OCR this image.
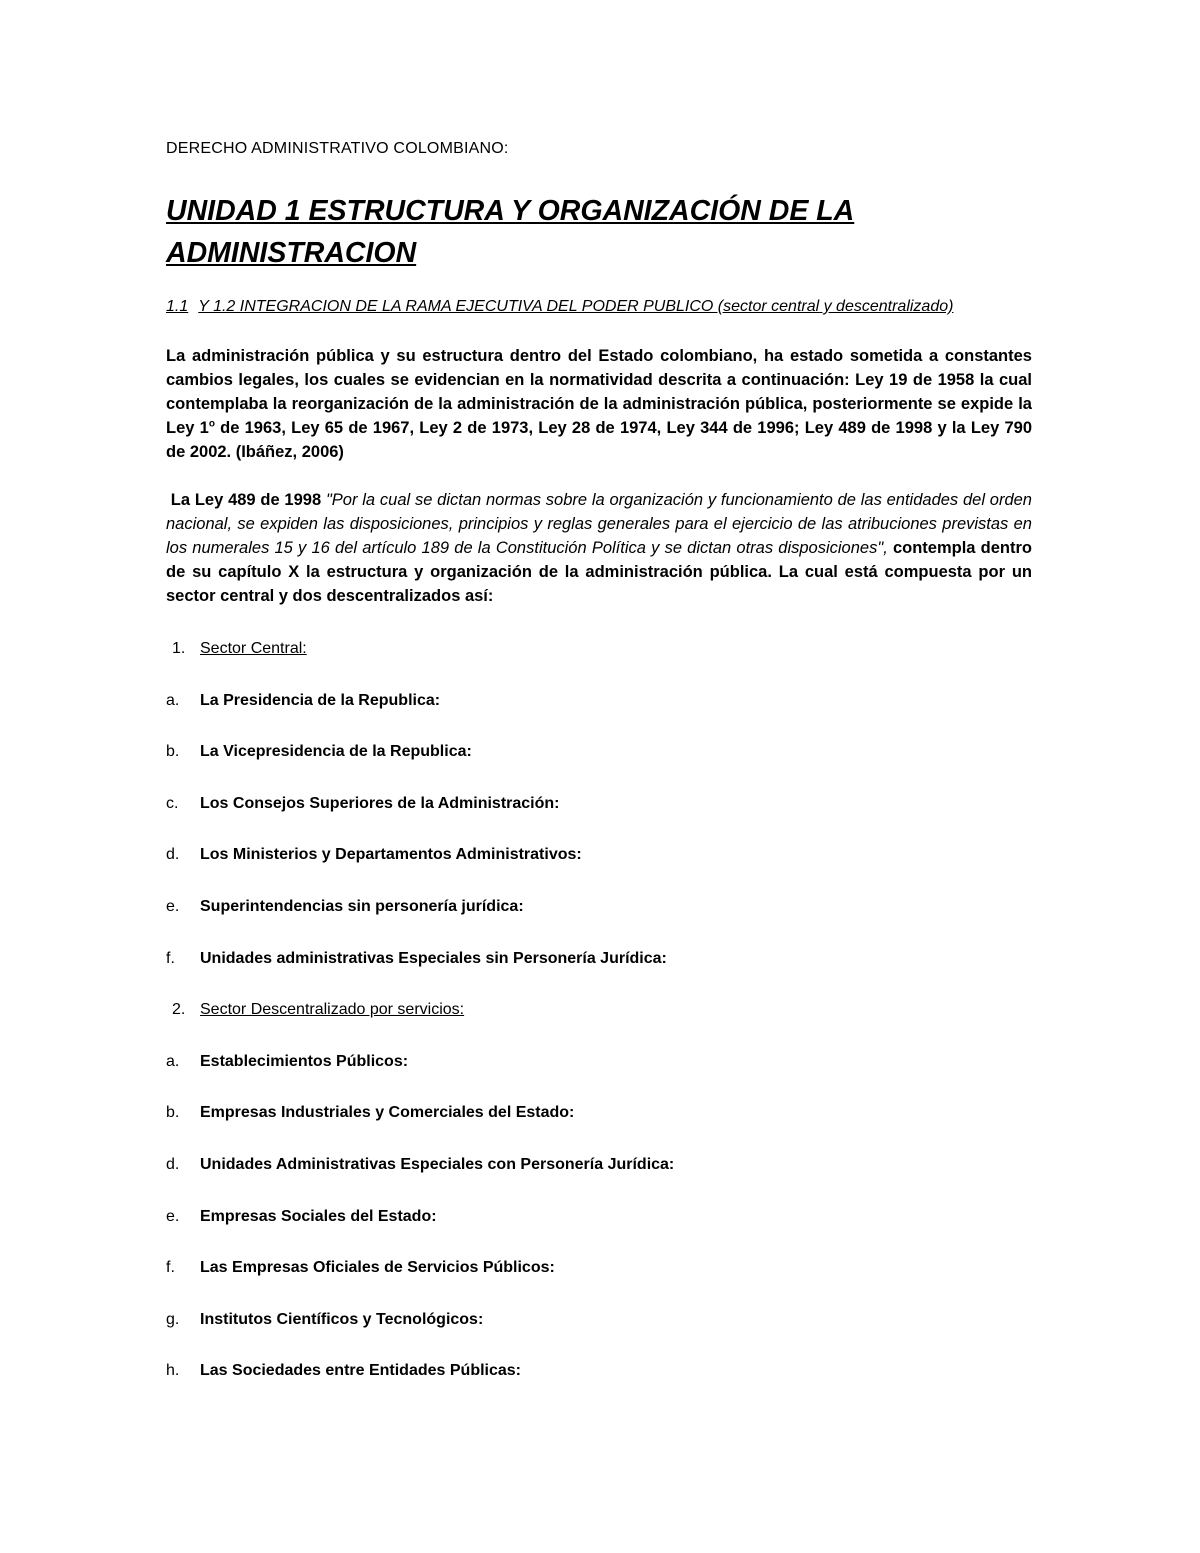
DERECHO ADMINISTRATIVO COLOMBIANO:

UNIDAD 1 ESTRUCTURA Y ORGANIZACIÓN DE LA ADMINISTRACION

1.1 Y 1.2 INTEGRACION DE LA RAMA EJECUTIVA DEL PODER PUBLICO (sector central y descentralizado)

La administración pública y su estructura dentro del Estado colombiano, ha estado sometida a constantes cambios legales, los cuales se evidencian en la normatividad descrita a continuación: Ley 19 de 1958 la cual contemplaba la reorganización de la administración de la administración pública, posteriormente se expide la Ley 1$^o$ de 1963, Ley 65 de 1967, Ley 2 de 1973, Ley 28 de 1974, Ley 344 de 1996; Ley 489 de 1998 y la Ley 790 de 2002. (Ibáñez, 2006)

La Ley 489 de 1998 "Por la cual se dictan normas sobre la organización y funcionamiento de las entidades del orden nacional, se expiden las disposiciones, principios y reglas generales para el ejercicio de las atribuciones previstas en los numerales 15 y 16 del artículo 189 de la Constitución Política y se dictan otras disposiciones", contempla dentro de su capítulo X la estructura y organización de la administración pública. La cual está compuesta por un sector central y dos descentralizados así:

1. Sector Central:
a.	La Presidencia de la Republica:
b.	La Vicepresidencia de la Republica:
c.	Los Consejos Superiores de la Administración:
d.	Los Ministerios y Departamentos Administrativos:
e.	Superintendencias sin personería jurídica:
f.	Unidades administrativas Especiales sin Personería Jurídica:
2. Sector Descentralizado por servicios:
a.	Establecimientos Públicos:
b.	Empresas Industriales y Comerciales del Estado:
d.	Unidades Administrativas Especiales con Personería Jurídica:
e.	Empresas Sociales del Estado:
f.	Las Empresas Oficiales de Servicios Públicos:
g.	Institutos Científicos y Tecnológicos:
h.	Las Sociedades entre Entidades Públicas:
